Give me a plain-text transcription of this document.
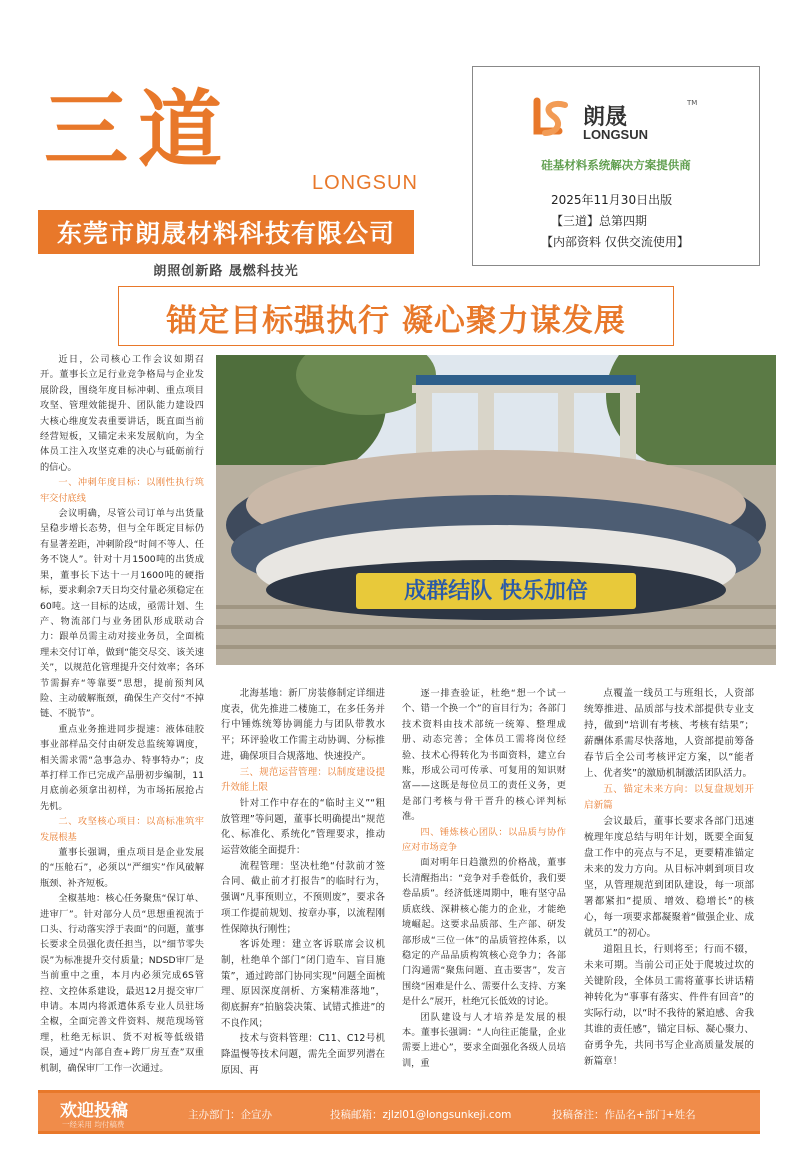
三道
LONGSUN
东莞市朗晟材料科技有限公司
朗照创新路 晟燃科技光
朗晟
TM
LONGSUN
硅基材料系统解决方案提供商
2025年11月30日出版
【三道】总第四期
【内部资料 仅供交流使用】
锚定目标强执行 凝心聚力谋发展
成群结队 快乐加倍

近日，公司核心工作会议如期召开。董事长立足行业竞争格局与企业发展阶段，围绕年度目标冲刺、重点项目攻坚、管理效能提升、团队能力建设四大核心维度发表重要讲话，既直面当前经营短板，又锚定未来发展航向，为全体员工注入攻坚克难的决心与砥砺前行的信心。

一、冲刺年度目标：以刚性执行筑牢交付底线

会议明确，尽管公司订单与出货量呈稳步增长态势，但与全年既定目标仍有显著差距，冲刺阶段“时间不等人、任务不饶人”。针对十月1500吨的出货成果，董事长下达十一月1600吨的硬指标，要求剩余7天日均交付量必须稳定在60吨。这一目标的达成，亟需计划、生产、物流部门与业务团队形成联动合力：跟单员需主动对接业务员，全面梳理未交付订单，做到“能交尽交、该关速关”，以规范化管理提升交付效率；各环节需摒弃“等靠要”思想，提前预判风险、主动破解瓶颈，确保生产交付“不掉链、不脱节”。

重点业务推进同步提速：液体硅胶事业部样品交付由研发总监统筹调度，相关需求需“急事急办、特事特办”；皮革打样工作已完成产品册初步编制，11月底前必须拿出初样，为市场拓展抢占先机。

二、攻坚核心项目：以高标准筑牢发展根基

董事长强调，重点项目是企业发展的“压舱石”，必须以“严细实”作风破解瓶颈、补齐短板。

全椒基地：核心任务聚焦“保订单、进审厂”。针对部分人员“思想重视流于口头、行动落实浮于表面”的问题，董事长要求全员强化责任担当，以“细节零失误”为标准提升交付质量；NDSD审厂是当前重中之重，本月内必须完成6S管控、文控体系建设，最迟12月提交审厂申请。本周内将派遣体系专业人员驻场全椒，全面完善文件资料、规范现场管理，杜绝无标识、货不对板等低级错误，通过“内部自查+跨厂房互查”双重机制，确保审厂工作一次通过。

北海基地：新厂房装修制定详细进度表，优先推进二楼施工，在多任务并行中锤炼统筹协调能力与团队带教水平；环评验收工作需主动协调、分标推进，确保项目合规落地、快速投产。

三、规范运营管理：以制度建设提升效能上限

针对工作中存在的“临时主义”“粗放管理”等问题，董事长明确提出“规范化、标准化、系统化”管理要求，推动运营效能全面提升：

流程管理：坚决杜绝“付款前才签合同、截止前才打报告”的临时行为，强调“凡事预则立，不预则废”，要求各项工作提前规划、按章办事，以流程刚性保障执行刚性；

客诉处理：建立客诉联席会议机制，杜绝单个部门“闭门造车、盲目施策”，通过跨部门协同实现“问题全面梳理、原因深度剖析、方案精准落地”，彻底摒弃“拍脑袋决策、试错式推进”的不良作风；

技术与资料管理：C11、C12号机降温慢等技术问题，需先全面罗列潜在原因、再

逐一排查验证，杜绝“想一个试一个、错一个换一个”的盲目行为；各部门技术资料由技术部统一统筹、整理成册、动态完善；全体员工需将岗位经验、技术心得转化为书面资料，建立台账，形成公司可传承、可复用的知识财富——这既是每位员工的责任义务，更是部门考核与骨干晋升的核心评判标准。

四、锤炼核心团队：以品质与协作应对市场竞争

面对明年日趋激烈的价格战，董事长清醒指出：“竞争对手卷低价，我们要卷品质”。经济低迷周期中，唯有坚守品质底线、深耕核心能力的企业，才能绝境崛起。这要求品质部、生产部、研发部形成“三位一体”的品质管控体系，以稳定的产品品质构筑核心竞争力；各部门沟通需“聚焦问题、直击要害”，发言围绕“困难是什么、需要什么支持、方案是什么”展开，杜绝冗长低效的讨论。

团队建设与人才培养是发展的根本。董事长强调：“人向往正能量，企业需要上进心”，要求全面强化各级人员培训，重

点覆盖一线员工与班组长，人资部统筹推进、品质部与技术部提供专业支持，做到“培训有考核、考核有结果”；薪酬体系需尽快落地，人资部提前筹备春节后全公司考核评定方案，以“能者上、优者奖”的激励机制激活团队活力。

五、锚定未来方向：以复盘规划开启新篇

会议最后，董事长要求各部门迅速梳理年度总结与明年计划，既要全面复盘工作中的亮点与不足，更要精准锚定未来的发力方向。从目标冲刺到项目攻坚，从管理规范到团队建设，每一项部署都紧扣“提质、增效、稳增长”的核心，每一项要求都凝聚着“做强企业、成就员工”的初心。

道阻且长，行则将至；行而不辍，未来可期。当前公司正处于爬坡过坎的关键阶段，全体员工需将董事长讲话精神转化为“事事有落实、件件有回音”的实际行动，以“时不我待的紧迫感、舍我其谁的责任感”，锚定目标、凝心聚力、奋勇争先，共同书写企业高质量发展的新篇章！

欢迎投稿
一经采用 均付稿费
主办部门：企宣办	投稿邮箱：zjlzl01@longsunkeji.com	投稿备注：作品名+部门+姓名
